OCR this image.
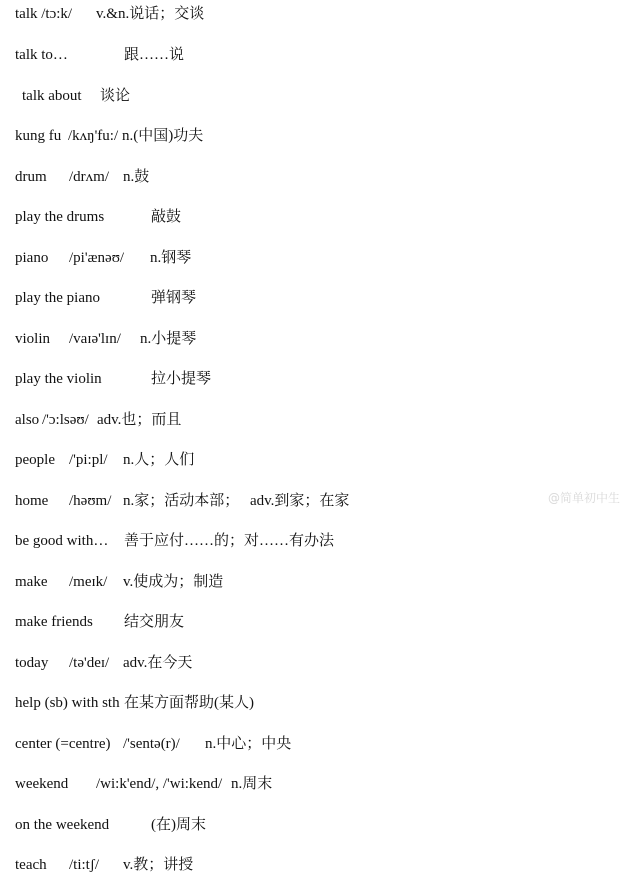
talk /tɔ:k/ v.&n.说话；交谈
talk to…	跟……说
talk about 谈论
kung fu /kʌŋ'fu:/ n.(中国)功夫
drum /drʌm/ n.鼓
play the drums	敲鼓
piano /pi'ænəʊ/ n.钢琴
play the piano	弹钢琴
violin /vaɪə'lɪn/ n.小提琴
play the violin	拉小提琴
also /'ɔ:lsəʊ/ adv.也；而且
people /'pi:pl/ n.人；人们
home /həʊm/ n.家；活动本部； adv.到家；在家
be good with… 善于应付……的；对……有办法
make /meɪk/ v.使成为；制造
make friends 结交朋友
today /tə'deɪ/ adv.在今天
help (sb) with sth 在某方面帮助(某人)
center (=centre) /'sentə(r)/ n.中心；中央
weekend /wi:k'end/, /'wi:kend/ n.周末
on the weekend	(在)周末
teach /ti:tʃ/ v.教；讲授
@简单初中生
